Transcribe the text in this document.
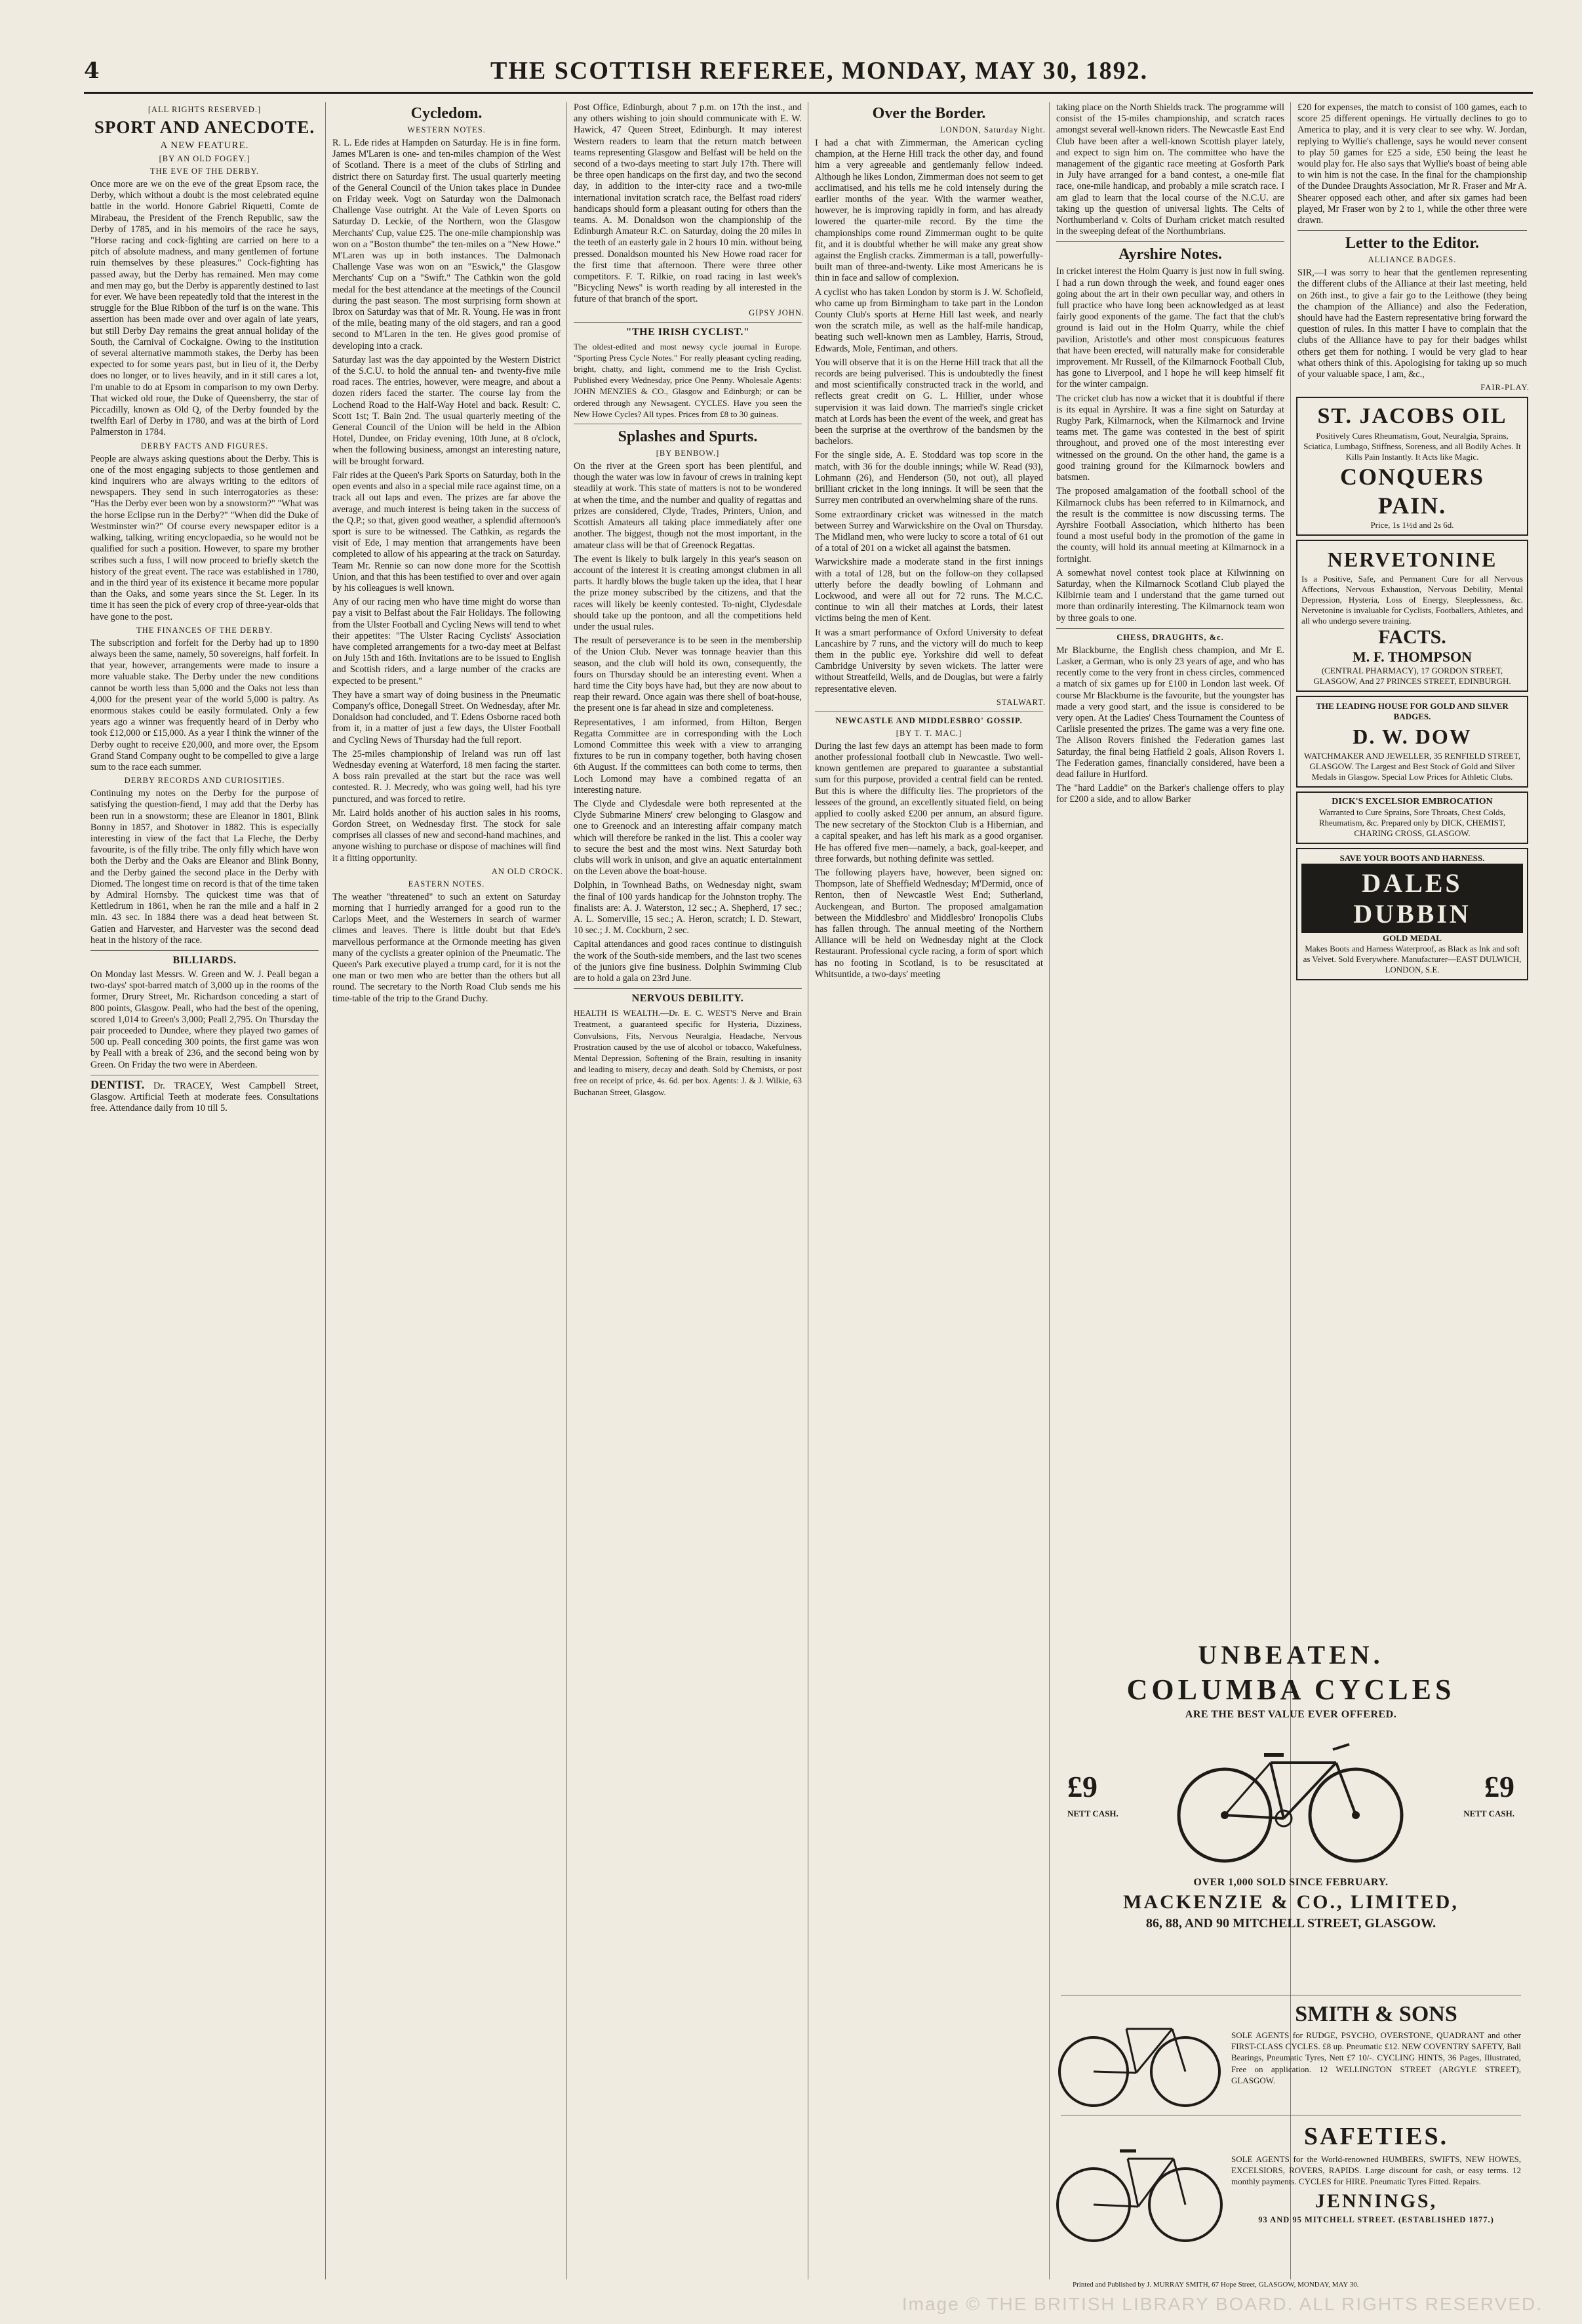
4	THE SCOTTISH REFEREE, MONDAY, MAY 30, 1892.
[ALL RIGHTS RESERVED.]
SPORT AND ANECDOTE.
A NEW FEATURE.
[BY AN OLD FOGEY.]
THE EVE OF THE DERBY.
Once more are we on the eve of the great Epsom race, the Derby, which without a doubt is the most celebrated equine battle in the world. Honore Gabriel Riquetti, Comte de Mirabeau, the President of the French Republic, saw the Derby of 1785, and in his memoirs of the race he says, "Horse racing and cock-fighting are carried on here to a pitch of absolute madness, and many gentlemen of fortune ruin themselves by these pleasures." Cock-fighting has passed away, but the Derby has remained. Men may come and men may go, but the Derby is apparently destined to last for ever. We have been repeatedly told that the interest in the struggle for the Blue Ribbon of the turf is on the wane. This assertion has been made over and over again of late years, but still Derby Day remains the great annual holiday of the South, the Carnival of Cockaigne. Owing to the institution of several alternative mammoth stakes, the Derby has been expected to for some years past, but in lieu of it, the Derby does no longer, or to lives heavily, and in it still cares a lot, I'm unable to do at Epsom in comparison to my own Derby. That wicked old roue, the Duke of Queensberry, the star of Piccadilly, known as Old Q, of the Derby founded by the twelfth Earl of Derby in 1780, and was at the birth of Lord Palmerston in 1784.
DERBY FACTS AND FIGURES.
People are always asking questions about the Derby. This is one of the most engaging subjects to those gentlemen and kind inquirers who are always writing to the editors of newspapers. They send in such interrogatories as these: "Has the Derby ever been won by a snowstorm?" "What was the horse Eclipse run in the Derby?" "When did the Duke of Westminster win?" Of course every newspaper editor is a walking, talking, writing encyclopaedia, so he would not be qualified for such a position. However, to spare my brother scribes such a fuss, I will now proceed to briefly sketch the history of the great event. The race was established in 1780, and in the third year of its existence it became more popular than the Oaks, and some years since the St. Leger. In its time it has seen the pick of every crop of three-year-olds that have gone to the post.
THE FINANCES OF THE DERBY.
The subscription and forfeit for the Derby had up to 1890 always been the same, namely, 50 sovereigns, half forfeit. In that year, however, arrangements were made to insure a more valuable stake. The Derby under the new conditions cannot be worth less than 5,000 and the Oaks not less than 4,000 for the present year of the world 5,000 is paltry. As enormous stakes could be easily formulated. Only a few years ago a winner was frequently heard of in Derby who took £12,000 or £15,000. As a year I think the winner of the Derby ought to receive £20,000, and more over, the Epsom Grand Stand Company ought to be compelled to give a large sum to the race each summer.
DERBY RECORDS AND CURIOSITIES.
Continuing my notes on the Derby for the purpose of satisfying the question-fiend, I may add that the Derby has been run in a snowstorm; these are Eleanor in 1801, Blink Bonny in 1857, and Shotover in 1882. This is especially interesting in view of the fact that La Fleche, the Derby favourite, is of the filly tribe. The only filly which have won both the Derby and the Oaks are Eleanor and Blink Bonny, and the Derby gained the second place in the Derby with Diomed. The longest time on record is that of the time taken by Admiral Hornsby. The quickest time was that of Kettledrum in 1861, when he ran the mile and a half in 2 min. 43 sec. In 1884 there was a dead heat between St. Gatien and Harvester, and Harvester was the second dead heat in the history of the race.
BILLIARDS.
On Monday last Messrs. W. Green and W. J. Peall began a two-days' spot-barred match of 3,000 up in the rooms of the former, Drury Street, Mr. Richardson conceding a start of 800 points, Glasgow. Peall, who had the best of the opening, scored 1,014 to Green's 3,000; Peall 2,795. On Thursday the pair proceeded to Dundee, where they played two games of 500 up. Peall conceding 300 points, the first game was won by Peall with a break of 236, and the second being won by Green. On Friday the two were in Aberdeen.
DENTIST. Dr. TRACEY, West Campbell Street, Glasgow. Artificial Teeth at moderate fees. Consultations free. Attendance daily from 10 till 5.
Cycledom.
WESTERN NOTES.
R. L. Ede rides at Hampden on Saturday. He is in fine form. James M'Laren is one- and ten-miles champion of the West of Scotland. There is a meet of the clubs of Stirling and district there on Saturday first. The usual quarterly meeting of the General Council of the Union takes place in Dundee on Friday week. Vogt on Saturday won the Dalmonach Challenge Vase outright. At the Vale of Leven Sports on Saturday D. Leckie, of the Northern, won the Glasgow Merchants' Cup, value £25. The one-mile championship was won on a "Boston thumbe" the ten-miles on a "New Howe." M'Laren was up in both instances. The Dalmonach Challenge Vase was won on an "Eswick," the Glasgow Merchants' Cup on a "Swift." The Cathkin won the gold medal for the best attendance at the meetings of the Council during the past season. The most surprising form shown at Ibrox on Saturday was that of Mr. R. Young. He was in front of the mile, beating many of the old stagers, and ran a good second to M'Laren in the ten. He gives good promise of developing into a crack.
Saturday last was the day appointed by the Western District of the S.C.U. to hold the annual ten- and twenty-five mile road races. The entries, however, were meagre, and about a dozen riders faced the starter. The course lay from the Lochend Road to the Half-Way Hotel and back. Result: C. Scott 1st; T. Bain 2nd. The usual quarterly meeting of the General Council of the Union will be held in the Albion Hotel, Dundee, on Friday evening, 10th June, at 8 o'clock, when the following business, amongst an interesting nature, will be brought forward.
Fair rides at the Queen's Park Sports on Saturday, both in the open events and also in a special mile race against time, on a track all out laps and even. The prizes are far above the average, and much interest is being taken in the success of the Q.P.; so that, given good weather, a splendid afternoon's sport is sure to be witnessed. The Cathkin, as regards the visit of Ede, I may mention that arrangements have been completed to allow of his appearing at the track on Saturday. Team Mr. Rennie so can now done more for the Scottish Union, and that this has been testified to over and over again by his colleagues is well known.
Any of our racing men who have time might do worse than pay a visit to Belfast about the Fair Holidays. The following from the Ulster Football and Cycling News will tend to whet their appetites: "The Ulster Racing Cyclists' Association have completed arrangements for a two-day meet at Belfast on July 15th and 16th. Invitations are to be issued to English and Scottish riders, and a large number of the cracks are expected to be present."
They have a smart way of doing business in the Pneumatic Company's office, Donegall Street. On Wednesday, after Mr. Donaldson had concluded, and T. Edens Osborne raced both from it, in a matter of just a few days, the Ulster Football and Cycling News of Thursday had the full report.
The 25-miles championship of Ireland was run off last Wednesday evening at Waterford, 18 men facing the starter. A boss rain prevailed at the start but the race was well contested. R. J. Mecredy, who was going well, had his tyre punctured, and was forced to retire.
Mr. Laird holds another of his auction sales in his rooms, Gordon Street, on Wednesday first. The stock for sale comprises all classes of new and second-hand machines, and anyone wishing to purchase or dispose of machines will find it a fitting opportunity.
AN OLD CROCK.
EASTERN NOTES.
The weather "threatened" to such an extent on Saturday morning that I hurriedly arranged for a good run to the Carlops Meet, and the Westerners in search of warmer climes and leaves. There is little doubt but that Ede's marvellous performance at the Ormonde meeting has given many of the cyclists a greater opinion of the Pneumatic. The Queen's Park executive played a trump card, for it is not the one man or two men who are better than the others but all round. The secretary to the North Road Club sends me his time-table of the trip to the Grand Duchy.
Post Office, Edinburgh, about 7 p.m. on 17th the inst., and any others wishing to join should communicate with E. W. Hawick, 47 Queen Street, Edinburgh. It may interest Western readers to learn that the return match between teams representing Glasgow and Belfast will be held on the second of a two-days meeting to start July 17th. There will be three open handicaps on the first day, and two the second day, in addition to the inter-city race and a two-mile international invitation scratch race, the Belfast road riders' handicaps should form a pleasant outing for others than the teams. A. M. Donaldson won the championship of the Edinburgh Amateur R.C. on Saturday, doing the 20 miles in the teeth of an easterly gale in 2 hours 10 min. without being pressed. Donaldson mounted his New Howe road racer for the first time that afternoon. There were three other competitors. F. T. Rilkie, on road racing in last week's "Bicycling News" is worth reading by all interested in the future of that branch of the sport.
GIPSY JOHN.
"THE IRISH CYCLIST."
The oldest-edited and most newsy cycle journal in Europe. "Sporting Press Cycle Notes." For really pleasant cycling reading, bright, chatty, and light, commend me to the Irish Cyclist. Published every Wednesday, price One Penny. Wholesale Agents: JOHN MENZIES & CO., Glasgow and Edinburgh; or can be ordered through any Newsagent. CYCLES. Have you seen the New Howe Cycles? All types. Prices from £8 to 30 guineas.
Splashes and Spurts.
[BY BENBOW.]
On the river at the Green sport has been plentiful, and though the water was low in favour of crews in training kept steadily at work. This state of matters is not to be wondered at when the time, and the number and quality of regattas and prizes are considered, Clyde, Trades, Printers, Union, and Scottish Amateurs all taking place immediately after one another. The biggest, though not the most important, in the amateur class will be that of Greenock Regattas.
The event is likely to bulk largely in this year's season on account of the interest it is creating amongst clubmen in all parts. It hardly blows the bugle taken up the idea, that I hear the prize money subscribed by the citizens, and that the races will likely be keenly contested. To-night, Clydesdale should take up the pontoon, and all the competitions held under the usual rules.
The result of perseverance is to be seen in the membership of the Union Club. Never was tonnage heavier than this season, and the club will hold its own, consequently, the fours on Thursday should be an interesting event. When a hard time the City boys have had, but they are now about to reap their reward. Once again was there shell of boat-house, the present one is far ahead in size and completeness.
Representatives, I am informed, from Hilton, Bergen Regatta Committee are in corresponding with the Loch Lomond Committee this week with a view to arranging fixtures to be run in company together, both having chosen 6th August. If the committees can both come to terms, then Loch Lomond may have a combined regatta of an interesting nature.
The Clyde and Clydesdale were both represented at the Clyde Submarine Miners' crew belonging to Glasgow and one to Greenock and an interesting affair company match which will therefore be ranked in the list. This a cooler way to secure the best and the most wins. Next Saturday both clubs will work in unison, and give an aquatic entertainment on the Leven above the boat-house.
Dolphin, in Townhead Baths, on Wednesday night, swam the final of 100 yards handicap for the Johnston trophy. The finalists are: A. J. Waterston, 12 sec.; A. Shepherd, 17 sec.; A. L. Somerville, 15 sec.; A. Heron, scratch; I. D. Stewart, 10 sec.; J. M. Cockburn, 2 sec.
Capital attendances and good races continue to distinguish the work of the South-side members, and the last two scenes of the juniors give fine business. Dolphin Swimming Club are to hold a gala on 23rd June.
NERVOUS DEBILITY.
HEALTH IS WEALTH.—Dr. E. C. WEST'S Nerve and Brain Treatment, a guaranteed specific for Hysteria, Dizziness, Convulsions, Fits, Nervous Neuralgia, Headache, Nervous Prostration caused by the use of alcohol or tobacco, Wakefulness, Mental Depression, Softening of the Brain, resulting in insanity and leading to misery, decay and death. Sold by Chemists, or post free on receipt of price, 4s. 6d. per box. Agents: J. & J. Wilkie, 63 Buchanan Street, Glasgow.
Over the Border.
LONDON, Saturday Night.
I had a chat with Zimmerman, the American cycling champion, at the Herne Hill track the other day, and found him a very agreeable and gentlemanly fellow indeed. Although he likes London, Zimmerman does not seem to get acclimatised, and his tells me he cold intensely during the earlier months of the year. With the warmer weather, however, he is improving rapidly in form, and has already lowered the quarter-mile record. By the time the championships come round Zimmerman ought to be quite fit, and it is doubtful whether he will make any great show against the English cracks. Zimmerman is a tall, powerfully-built man of three-and-twenty. Like most Americans he is thin in face and sallow of complexion.
A cyclist who has taken London by storm is J. W. Schofield, who came up from Birmingham to take part in the London County Club's sports at Herne Hill last week, and nearly won the scratch mile, as well as the half-mile handicap, beating such well-known men as Lambley, Harris, Stroud, Edwards, Mole, Fentiman, and others.
You will observe that it is on the Herne Hill track that all the records are being pulverised. This is undoubtedly the finest and most scientifically constructed track in the world, and reflects great credit on G. L. Hillier, under whose supervision it was laid down. The married's single cricket match at Lords has been the event of the week, and great has been the surprise at the overthrow of the bandsmen by the bachelors.
For the single side, A. E. Stoddard was top score in the match, with 36 for the double innings; while W. Read (93), Lohmann (26), and Henderson (50, not out), all played brilliant cricket in the long innings. It will be seen that the Surrey men contributed an overwhelming share of the runs.
Some extraordinary cricket was witnessed in the match between Surrey and Warwickshire on the Oval on Thursday. The Midland men, who were lucky to score a total of 61 out of a total of 201 on a wicket all against the batsmen.
Warwickshire made a moderate stand in the first innings with a total of 128, but on the follow-on they collapsed utterly before the deadly bowling of Lohmann and Lockwood, and were all out for 72 runs. The M.C.C. continue to win all their matches at Lords, their latest victims being the men of Kent.
It was a smart performance of Oxford University to defeat Lancashire by 7 runs, and the victory will do much to keep them in the public eye. Yorkshire did well to defeat Cambridge University by seven wickets. The latter were without Streatfeild, Wells, and de Douglas, but were a fairly representative eleven.
STALWART.
NEWCASTLE AND MIDDLESBRO' GOSSIP.
[BY T. T. MAC.]
During the last few days an attempt has been made to form another professional football club in Newcastle. Two well-known gentlemen are prepared to guarantee a substantial sum for this purpose, provided a central field can be rented. But this is where the difficulty lies. The proprietors of the lessees of the ground, an excellently situated field, on being applied to coolly asked £200 per annum, an absurd figure. The new secretary of the Stockton Club is a Hibernian, and a capital speaker, and has left his mark as a good organiser. He has offered five men—namely, a back, goal-keeper, and three forwards, but nothing definite was settled.
The following players have, however, been signed on: Thompson, late of Sheffield Wednesday; M'Dermid, once of Renton, then of Newcastle West End; Sutherland, Auckengean, and Burton. The proposed amalgamation between the Middlesbro' and Middlesbro' Ironopolis Clubs has fallen through. The annual meeting of the Northern Alliance will be held on Wednesday night at the Clock Restaurant. Professional cycle racing, a form of sport which has no footing in Scotland, is to be resuscitated at Whitsuntide, a two-days' meeting
taking place on the North Shields track. The programme will consist of the 15-miles championship, and scratch races amongst several well-known riders. The Newcastle East End Club have been after a well-known Scottish player lately, and expect to sign him on. The committee who have the management of the gigantic race meeting at Gosforth Park in July have arranged for a band contest, a one-mile flat race, one-mile handicap, and probably a mile scratch race. I am glad to learn that the local course of the N.C.U. are taking up the question of universal lights. The Celts of Northumberland v. Colts of Durham cricket match resulted in the sweeping defeat of the Northumbrians.
Ayrshire Notes.
In cricket interest the Holm Quarry is just now in full swing. I had a run down through the week, and found eager ones going about the art in their own peculiar way, and others in full practice who have long been acknowledged as at least fairly good exponents of the game. The fact that the club's ground is laid out in the Holm Quarry, while the chief pavilion, Aristotle's and other most conspicuous features that have been erected, will naturally make for considerable improvement. Mr Russell, of the Kilmarnock Football Club, has gone to Liverpool, and I hope he will keep himself fit for the winter campaign.
The cricket club has now a wicket that it is doubtful if there is its equal in Ayrshire. It was a fine sight on Saturday at Rugby Park, Kilmarnock, when the Kilmarnock and Irvine teams met. The game was contested in the best of spirit throughout, and proved one of the most interesting ever witnessed on the ground. On the other hand, the game is a good training ground for the Kilmarnock bowlers and batsmen.
The proposed amalgamation of the football school of the Kilmarnock clubs has been referred to in Kilmarnock, and the result is the committee is now discussing terms. The Ayrshire Football Association, which hitherto has been found a most useful body in the promotion of the game in the county, will hold its annual meeting at Kilmarnock in a fortnight.
A somewhat novel contest took place at Kilwinning on Saturday, when the Kilmarnock Scotland Club played the Kilbirnie team and I understand that the game turned out more than ordinarily interesting. The Kilmarnock team won by three goals to one.
CHESS, DRAUGHTS, &c.
Mr Blackburne, the English chess champion, and Mr E. Lasker, a German, who is only 23 years of age, and who has recently come to the very front in chess circles, commenced a match of six games up for £100 in London last week. Of course Mr Blackburne is the favourite, but the youngster has made a very good start, and the issue is considered to be very open. At the Ladies' Chess Tournament the Countess of Carlisle presented the prizes. The game was a very fine one. The Alison Rovers finished the Federation games last Saturday, the final being Hatfield 2 goals, Alison Rovers 1. The Federation games, financially considered, have been a dead failure in Hurlford.
The "hard Laddie" on the Barker's challenge offers to play for £200 a side, and to allow Barker
£20 for expenses, the match to consist of 100 games, each to score 25 different openings. He virtually declines to go to America to play, and it is very clear to see why. W. Jordan, replying to Wyllie's challenge, says he would never consent to play 50 games for £25 a side, £50 being the least he would play for. He also says that Wyllie's boast of being able to win him is not the case. In the final for the championship of the Dundee Draughts Association, Mr R. Fraser and Mr A. Shearer opposed each other, and after six games had been played, Mr Fraser won by 2 to 1, while the other three were drawn.
Letter to the Editor.
ALLIANCE BADGES.
SIR,—I was sorry to hear that the gentlemen representing the different clubs of the Alliance at their last meeting, held on 26th inst., to give a fair go to the Leithowe (they being the champion of the Alliance) and also the Federation, should have had the Eastern representative bring forward the question of rules. In this matter I have to complain that the clubs of the Alliance have to pay for their badges whilst others get them for nothing. I would be very glad to hear what others think of this. Apologising for taking up so much of your valuable space, I am, &c.,
FAIR-PLAY.
ST. JACOBS OIL
Positively Cures Rheumatism, Gout, Neuralgia, Sprains, Sciatica, Lumbago, Stiffness, Soreness, and all Bodily Aches. It Kills Pain Instantly. It Acts like Magic.
CONQUERS
PAIN.
Price, 1s 1½d and 2s 6d.
NERVETONINE
Is a Positive, Safe, and Permanent Cure for all Nervous Affections, Nervous Exhaustion, Nervous Debility, Mental Depression, Hysteria, Loss of Energy, Sleeplessness, &c. Nervetonine is invaluable for Cyclists, Footballers, Athletes, and all who undergo severe training.
FACTS.
M. F. THOMPSON
(CENTRAL PHARMACY), 17 GORDON STREET, GLASGOW, And 27 PRINCES STREET, EDINBURGH.
THE LEADING HOUSE FOR GOLD AND SILVER BADGES.
D. W. DOW
WATCHMAKER AND JEWELLER, 35 RENFIELD STREET, GLASGOW. The Largest and Best Stock of Gold and Silver Medals in Glasgow. Special Low Prices for Athletic Clubs.
DICK'S EXCELSIOR EMBROCATION
Warranted to Cure Sprains, Sore Throats, Chest Colds, Rheumatism, &c. Prepared only by DICK, CHEMIST, CHARING CROSS, GLASGOW.
SAVE YOUR BOOTS AND HARNESS.
DALES DUBBIN
GOLD MEDAL
Makes Boots and Harness Waterproof, as Black as Ink and soft as Velvet. Sold Everywhere. Manufacturer—EAST DULWICH, LONDON, S.E.
UNBEATEN.
COLUMBA CYCLES
ARE THE BEST VALUE EVER OFFERED.
£9
NETT CASH.
£9
NETT CASH.
OVER 1,000 SOLD SINCE FEBRUARY.
MACKENZIE & CO., LIMITED,
86, 88, AND 90 MITCHELL STREET, GLASGOW.
SMITH & SONS
SOLE AGENTS for RUDGE, PSYCHO, OVERSTONE, QUADRANT and other FIRST-CLASS CYCLES. £8 up. Pneumatic £12. NEW COVENTRY SAFETY, Ball Bearings, Pneumatic Tyres, Nett £7 10/-. CYCLING HINTS, 36 Pages, Illustrated, Free on application. 12 WELLINGTON STREET (ARGYLE STREET), GLASGOW.
SAFETIES.
SOLE AGENTS for the World-renowned HUMBERS, SWIFTS, NEW HOWES, EXCELSIORS, ROVERS, RAPIDS. Large discount for cash, or easy terms. 12 monthly payments. CYCLES for HIRE. Pneumatic Tyres Fitted. Repairs.
JENNINGS,
93 AND 95 MITCHELL STREET. (ESTABLISHED 1877.)
Printed and Published by J. MURRAY SMITH, 67 Hope Street, GLASGOW, MONDAY, MAY 30.
Image © THE BRITISH LIBRARY BOARD. ALL RIGHTS RESERVED.
